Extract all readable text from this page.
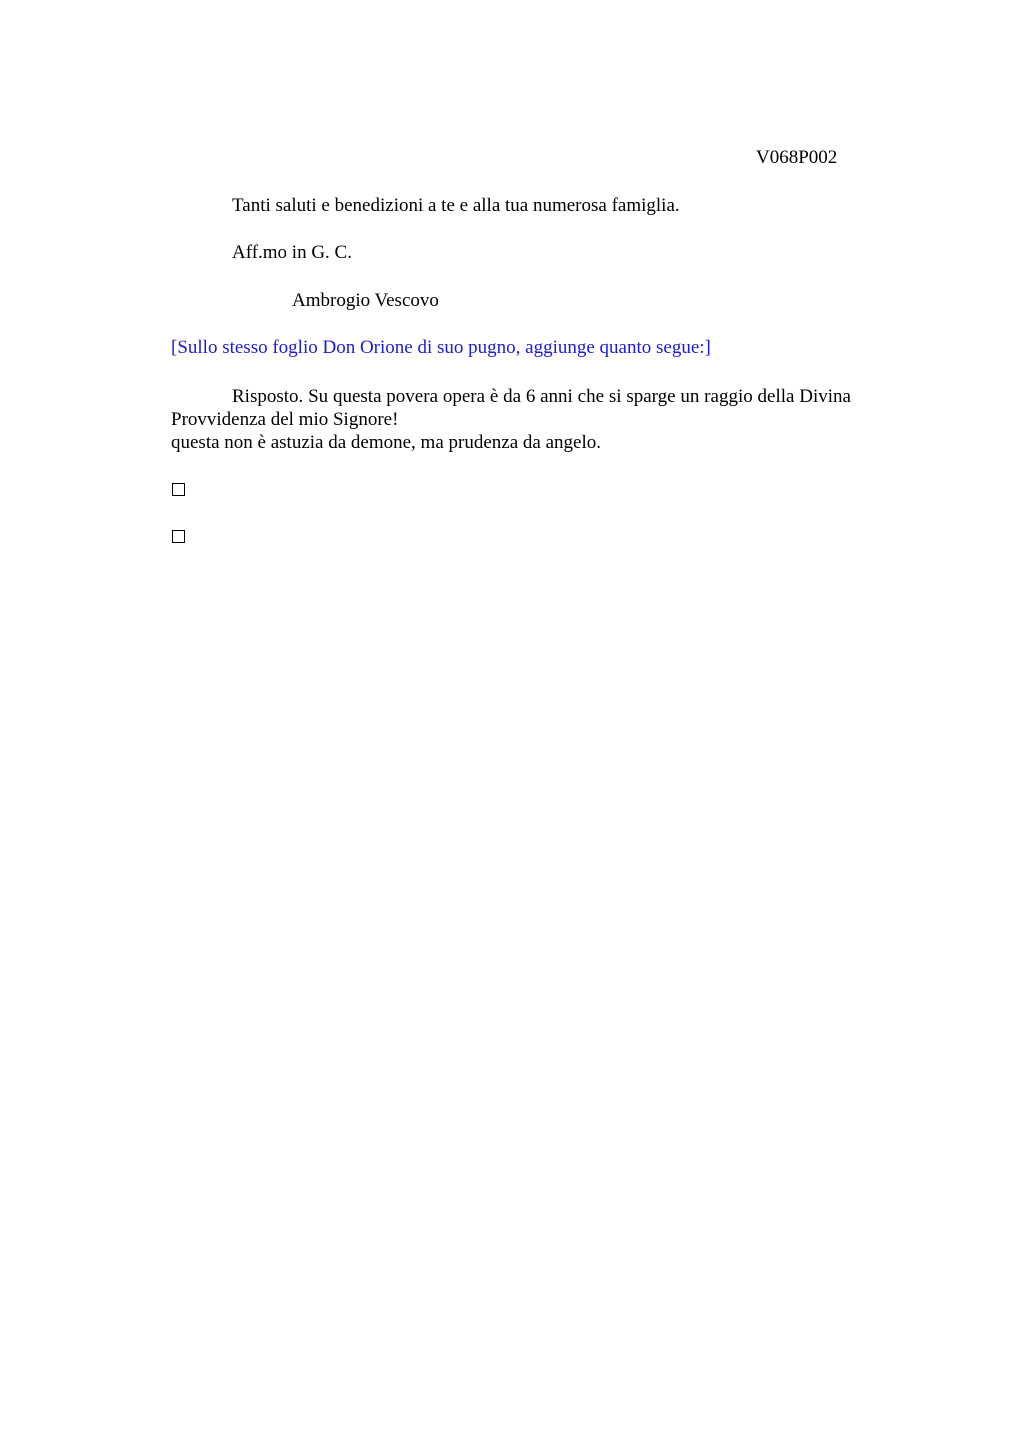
V068P002
Tanti saluti e benedizioni a te e alla tua numerosa famiglia.
Aff.mo in G. C.
Ambrogio Vescovo
[Sullo stesso foglio Don Orione di suo pugno, aggiunge quanto segue:]

Risposto. Su questa povera opera è da 6 anni che si sparge un raggio della Divina Provvidenza del mio Signore!

questa non è astuzia da demone, ma prudenza da angelo.
